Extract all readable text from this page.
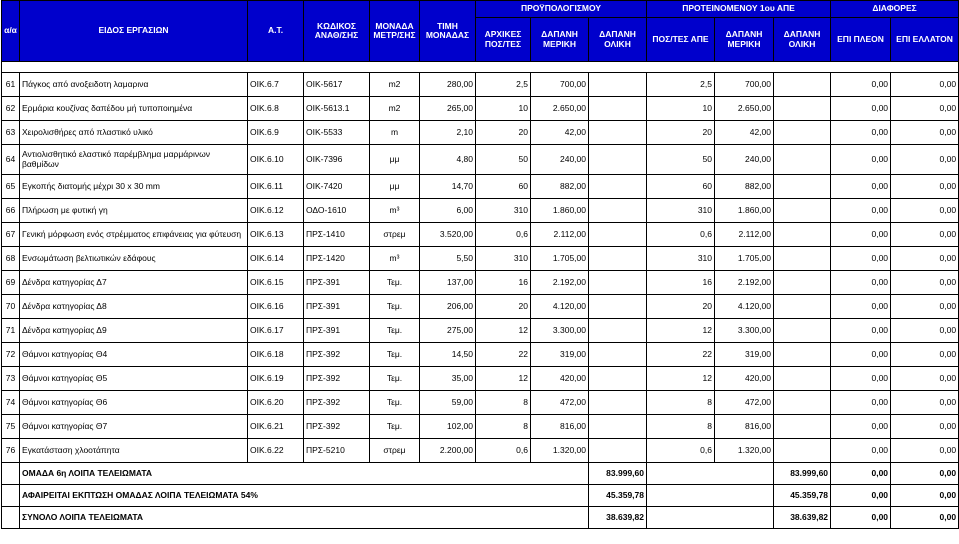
α/α	ΕΙΔΟΣ ΕΡΓΑΣΙΩΝ	Α.Τ.	ΚΩΔΙΚΟΣ ΑΝΑΘ/ΣΗΣ	ΜΟΝΑΔΑ ΜΕΤΡ/ΣΗΣ	ΤΙΜΗ ΜΟΝΑΔΑΣ	ΠΡΟΫΠΟΛΟΓΙΣΜΟΥ			ΠΡΟΤΕΙΝΟΜΕΝΟΥ 1ου ΑΠΕ			ΔΙΑΦΟΡΕΣ	
						ΑΡΧΙΚΕΣ ΠΟΣ/ΤΕΣ	ΔΑΠΑΝΗ ΜΕΡΙΚΗ	ΔΑΠΑΝΗ ΟΛΙΚΗ	ΠΟΣ/ΤΕΣ ΑΠΕ	ΔΑΠΑΝΗ ΜΕΡΙΚΗ	ΔΑΠΑΝΗ ΟΛΙΚΗ	ΕΠΙ ΠΛΕΟΝ	ΕΠΙ ΕΛΛΑΤΟΝ

61	Πάγκος από ανοξειδοτη λαμαρινα	ΟΙΚ.6.7	ΟΙΚ-5617	m2	280,00	2,5	700,00		2,5	700,00		0,00	0,00
62	Ερμάρια κουζίνας δαπέδου μή τυποποιημένα	ΟΙΚ.6.8	ΟΙΚ-5613.1	m2	265,00	10	2.650,00		10	2.650,00		0,00	0,00
63	Χειρολισθήρες από πλαστικό υλικό	ΟΙΚ.6.9	ΟΙΚ-5533	m	2,10	20	42,00		20	42,00		0,00	0,00
64	Αντιολισθητικό ελαστικό παρέμβλημα μαρμάρινων βαθμίδων	ΟΙΚ.6.10	ΟΙΚ-7396	μμ	4,80	50	240,00		50	240,00		0,00	0,00
65	Εγκοπής διατομής μέχρι 30 x 30 mm	ΟΙΚ.6.11	ΟΙΚ-7420	μμ	14,70	60	882,00		60	882,00		0,00	0,00
66	Πλήρωση με φυτική γη	ΟΙΚ.6.12	ΟΔΟ-1610	m³	6,00	310	1.860,00		310	1.860,00		0,00	0,00
67	Γενική μόρφωση ενός στρέμματος επιφάνειας για φύτευση	ΟΙΚ.6.13	ΠΡΣ-1410	στρεμ	3.520,00	0,6	2.112,00		0,6	2.112,00		0,00	0,00
68	Ενσωμάτωση βελτιωτικών εδάφους	ΟΙΚ.6.14	ΠΡΣ-1420	m³	5,50	310	1.705,00		310	1.705,00		0,00	0,00
69	Δένδρα κατηγορίας Δ7	ΟΙΚ.6.15	ΠΡΣ-391	Τεμ.	137,00	16	2.192,00		16	2.192,00		0,00	0,00
70	Δένδρα κατηγορίας Δ8	ΟΙΚ.6.16	ΠΡΣ-391	Τεμ.	206,00	20	4.120,00		20	4.120,00		0,00	0,00
71	Δένδρα κατηγορίας Δ9	ΟΙΚ.6.17	ΠΡΣ-391	Τεμ.	275,00	12	3.300,00		12	3.300,00		0,00	0,00
72	Θάμνοι κατηγορίας Θ4	ΟΙΚ.6.18	ΠΡΣ-392	Τεμ.	14,50	22	319,00		22	319,00		0,00	0,00
73	Θάμνοι κατηγορίας Θ5	ΟΙΚ.6.19	ΠΡΣ-392	Τεμ.	35,00	12	420,00		12	420,00		0,00	0,00
74	Θάμνοι κατηγορίας Θ6	ΟΙΚ.6.20	ΠΡΣ-392	Τεμ.	59,00	8	472,00		8	472,00		0,00	0,00
75	Θάμνοι κατηγορίας Θ7	ΟΙΚ.6.21	ΠΡΣ-392	Τεμ.	102,00	8	816,00		8	816,00		0,00	0,00
76	Εγκατάσταση χλοοτάπητα	ΟΙΚ.6.22	ΠΡΣ-5210	στρεμ	2.200,00	0,6	1.320,00		0,6	1.320,00		0,00	0,00
	ΟΜΑΔΑ 6η ΛΟΙΠΑ ΤΕΛΕΙΩΜΑΤΑ							83.999,60			83.999,60	0,00	0,00
	ΑΦΑΙΡΕΙΤΑΙ ΕΚΠΤΩΣΗ ΟΜΑΔΑΣ ΛΟΙΠΑ ΤΕΛΕΙΩΜΑΤΑ 54%							45.359,78			45.359,78	0,00	0,00
	ΣΥΝΟΛΟ ΛΟΙΠΑ ΤΕΛΕΙΩΜΑΤΑ							38.639,82			38.639,82	0,00	0,00
